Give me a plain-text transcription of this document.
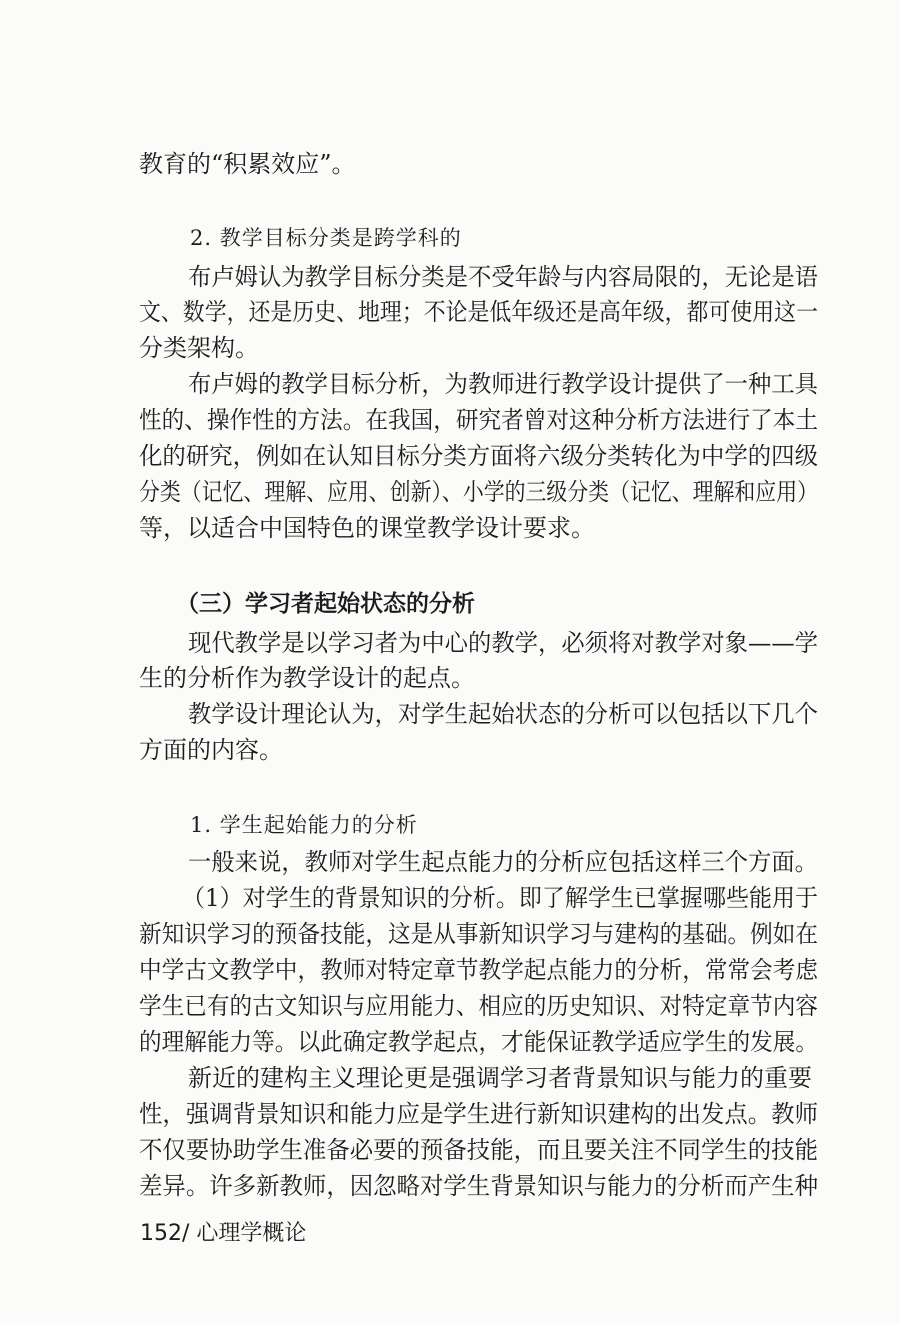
教育的“积累效应”。
2. 教学目标分类是跨学科的
布卢姆认为教学目标分类是不受年龄与内容局限的，无论是语
文、数学，还是历史、地理；不论是低年级还是高年级，都可使用这一
分类架构。
布卢姆的教学目标分析，为教师进行教学设计提供了一种工具
性的、操作性的方法。在我国，研究者曾对这种分析方法进行了本土
化的研究，例如在认知目标分类方面将六级分类转化为中学的四级
分类（记忆、理解、应用、创新）、小学的三级分类（记忆、理解和应用）
等，以适合中国特色的课堂教学设计要求。
（三）学习者起始状态的分析
现代教学是以学习者为中心的教学，必须将对教学对象——学
生的分析作为教学设计的起点。
教学设计理论认为，对学生起始状态的分析可以包括以下几个
方面的内容。
1. 学生起始能力的分析
一般来说，教师对学生起点能力的分析应包括这样三个方面。
（1）对学生的背景知识的分析。即了解学生已掌握哪些能用于
新知识学习的预备技能，这是从事新知识学习与建构的基础。例如在
中学古文教学中，教师对特定章节教学起点能力的分析，常常会考虑
学生已有的古文知识与应用能力、相应的历史知识、对特定章节内容
的理解能力等。以此确定教学起点，才能保证教学适应学生的发展。
新近的建构主义理论更是强调学习者背景知识与能力的重要
性，强调背景知识和能力应是学生进行新知识建构的出发点。教师
不仅要协助学生准备必要的预备技能，而且要关注不同学生的技能
差异。许多新教师，因忽略对学生背景知识与能力的分析而产生种
152/ 心理学概论
